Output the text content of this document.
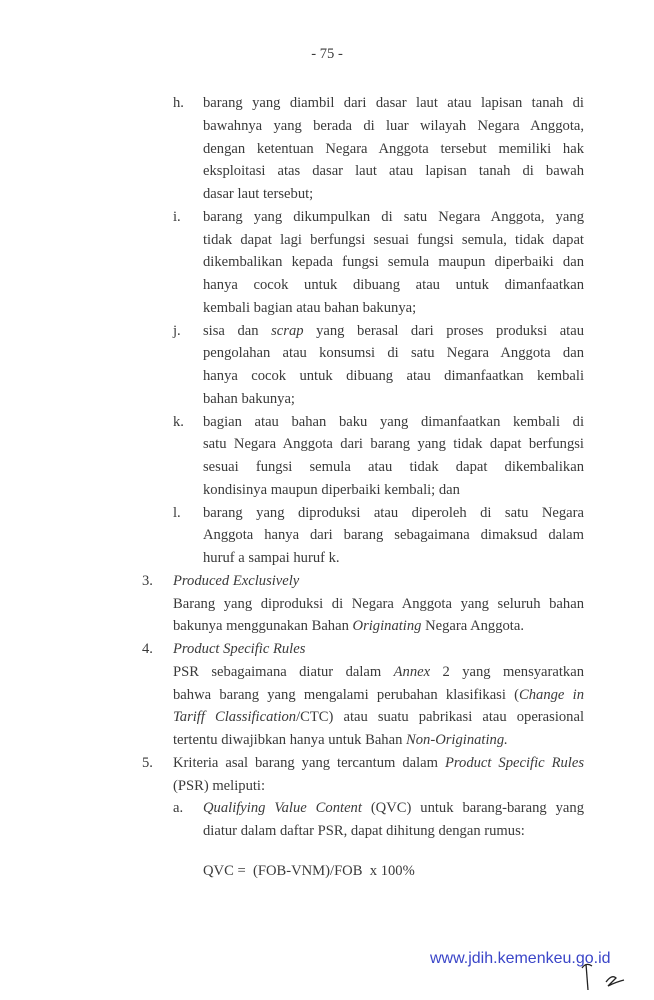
- 75 -
h. barang yang diambil dari dasar laut atau lapisan tanah di
bawahnya yang berada di luar wilayah Negara Anggota,
dengan ketentuan Negara Anggota tersebut memiliki hak
eksploitasi atas dasar laut atau lapisan tanah di bawah
dasar laut tersebut;
i. barang yang dikumpulkan di satu Negara Anggota, yang
tidak dapat lagi berfungsi sesuai fungsi semula, tidak dapat
dikembalikan kepada fungsi semula maupun diperbaiki dan
hanya cocok untuk dibuang atau untuk dimanfaatkan
kembali bagian atau bahan bakunya;
j. sisa dan scrap yang berasal dari proses produksi atau
pengolahan atau konsumsi di satu Negara Anggota dan
hanya cocok untuk dibuang atau dimanfaatkan kembali
bahan bakunya;
k. bagian atau bahan baku yang dimanfaatkan kembali di
satu Negara Anggota dari barang yang tidak dapat berfungsi
sesuai fungsi semula atau tidak dapat dikembalikan
kondisinya maupun diperbaiki kembali; dan
l. barang yang diproduksi atau diperoleh di satu Negara
Anggota hanya dari barang sebagaimana dimaksud dalam
huruf a sampai huruf k.
3. Produced Exclusively
Barang yang diproduksi di Negara Anggota yang seluruh bahan
bakunya menggunakan Bahan Originating Negara Anggota.
4. Product Specific Rules
PSR sebagaimana diatur dalam Annex 2 yang mensyaratkan
bahwa barang yang mengalami perubahan klasifikasi (Change in
Tariff Classification/CTC) atau suatu pabrikasi atau operasional
tertentu diwajibkan hanya untuk Bahan Non-Originating.
5. Kriteria asal barang yang tercantum dalam Product Specific Rules
(PSR) meliputi:
a. Qualifying Value Content (QVC) untuk barang-barang yang
diatur dalam daftar PSR, dapat dihitung dengan rumus:
QVC =  (FOB-VNM)/FOB  x 100%
www.jdih.kemenkeu.go.id
